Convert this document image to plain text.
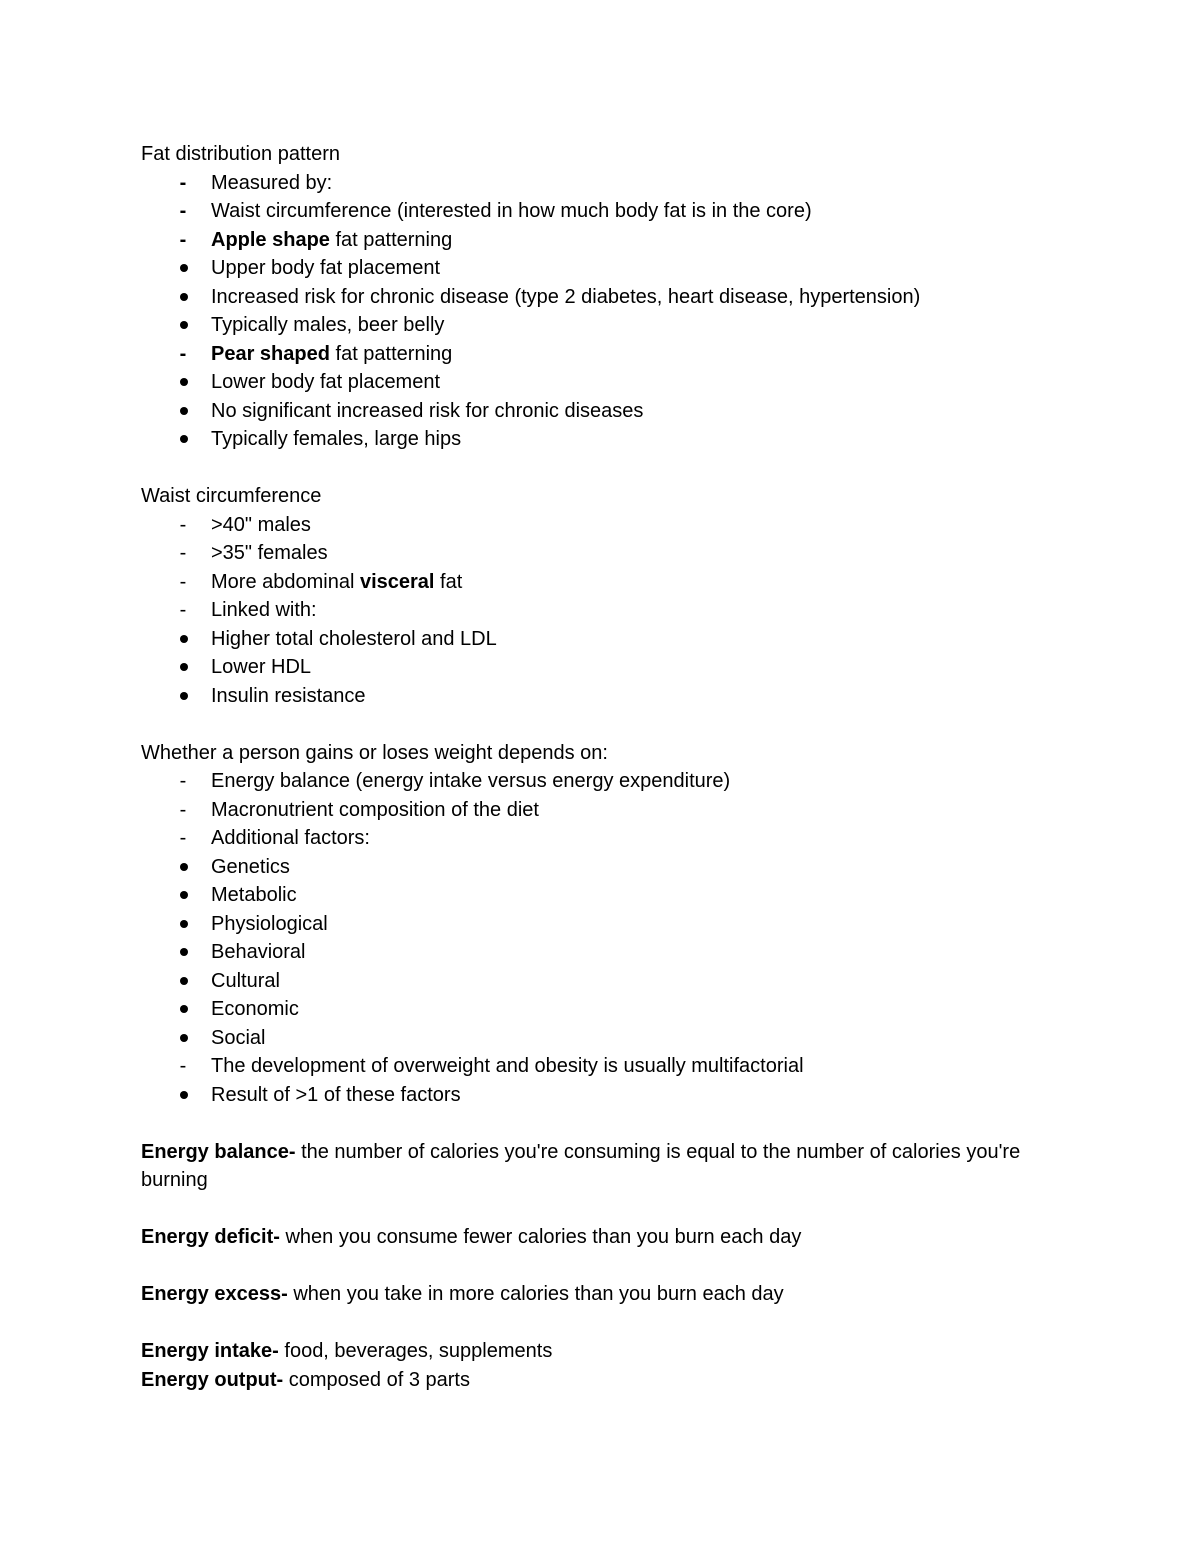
Fat distribution pattern
- Measured by:
- Waist circumference (interested in how much body fat is in the core)
- Apple shape fat patterning
Upper body fat placement
Increased risk for chronic disease (type 2 diabetes, heart disease, hypertension)
Typically males, beer belly
- Pear shaped fat patterning
Lower body fat placement
No significant increased risk for chronic diseases
Typically females, large hips
Waist circumference
- >40" males
- >35" females
- More abdominal visceral fat
- Linked with:
Higher total cholesterol and LDL
Lower HDL
Insulin resistance
Whether a person gains or loses weight depends on:
- Energy balance (energy intake versus energy expenditure)
- Macronutrient composition of the diet
- Additional factors:
Genetics
Metabolic
Physiological
Behavioral
Cultural
Economic
Social
- The development of overweight and obesity is usually multifactorial
Result of >1 of these factors
Energy balance- the number of calories you're consuming is equal to the number of calories you're burning
Energy deficit- when you consume fewer calories than you burn each day
Energy excess- when you take in more calories than you burn each day
Energy intake- food, beverages, supplements
Energy output- composed of 3 parts
